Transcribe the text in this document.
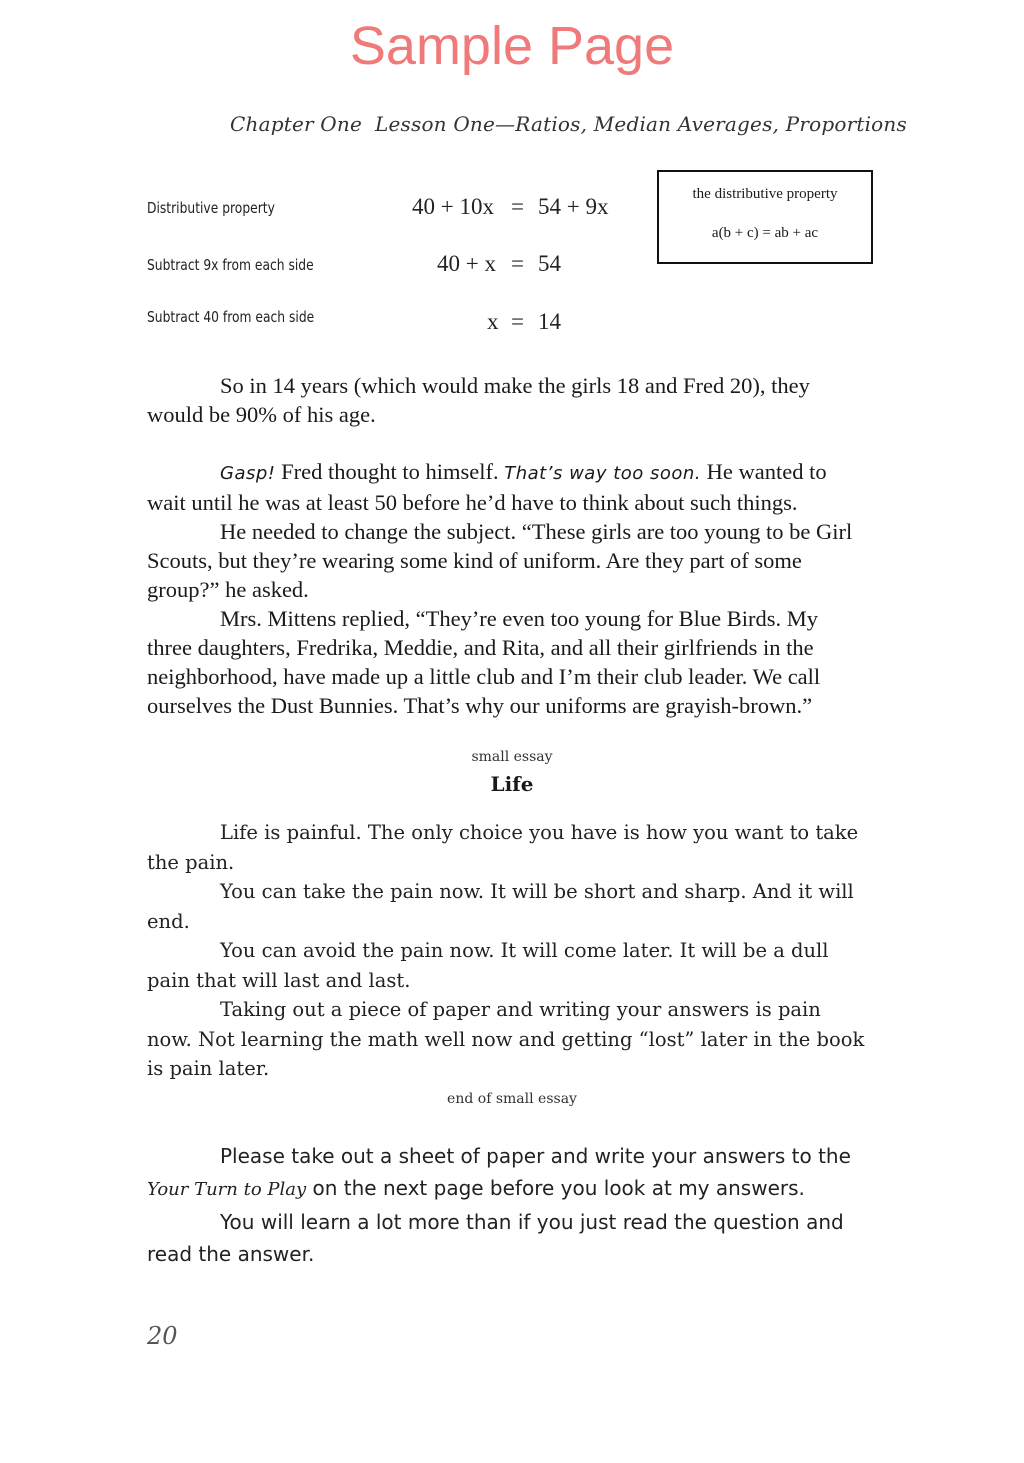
Sample Page
Chapter One Lesson One—Ratios, Median Averages, Proportions
Distributive property	40 + 10x = 54 + 9x
Subtract 9x from each side	40 + x = 54
Subtract 40 from each side	x = 14
the distributive property
a(b + c) = ab + ac

So in 14 years (which would make the girls 18 and Fred 20), they would be 90% of his age.

Gasp! Fred thought to himself. That’s way too soon. He wanted to wait until he was at least 50 before he’d have to think about such things.

He needed to change the subject. “These girls are too young to be Girl Scouts, but they’re wearing some kind of uniform. Are they part of some group?” he asked.

Mrs. Mittens replied, “They’re even too young for Blue Birds. My three daughters, Fredrika, Meddie, and Rita, and all their girlfriends in the neighborhood, have made up a little club and I’m their club leader. We call ourselves the Dust Bunnies. That’s why our uniforms are grayish-brown.”

small essay
Life

Life is painful. The only choice you have is how you want to take the pain.

You can take the pain now. It will be short and sharp. And it will end.

You can avoid the pain now. It will come later. It will be a dull pain that will last and last.

Taking out a piece of paper and writing your answers is pain now. Not learning the math well now and getting “lost” later in the book is pain later.

end of small essay

Please take out a sheet of paper and write your answers to the Your Turn to Play on the next page before you look at my answers.

You will learn a lot more than if you just read the question and read the answer.

20
